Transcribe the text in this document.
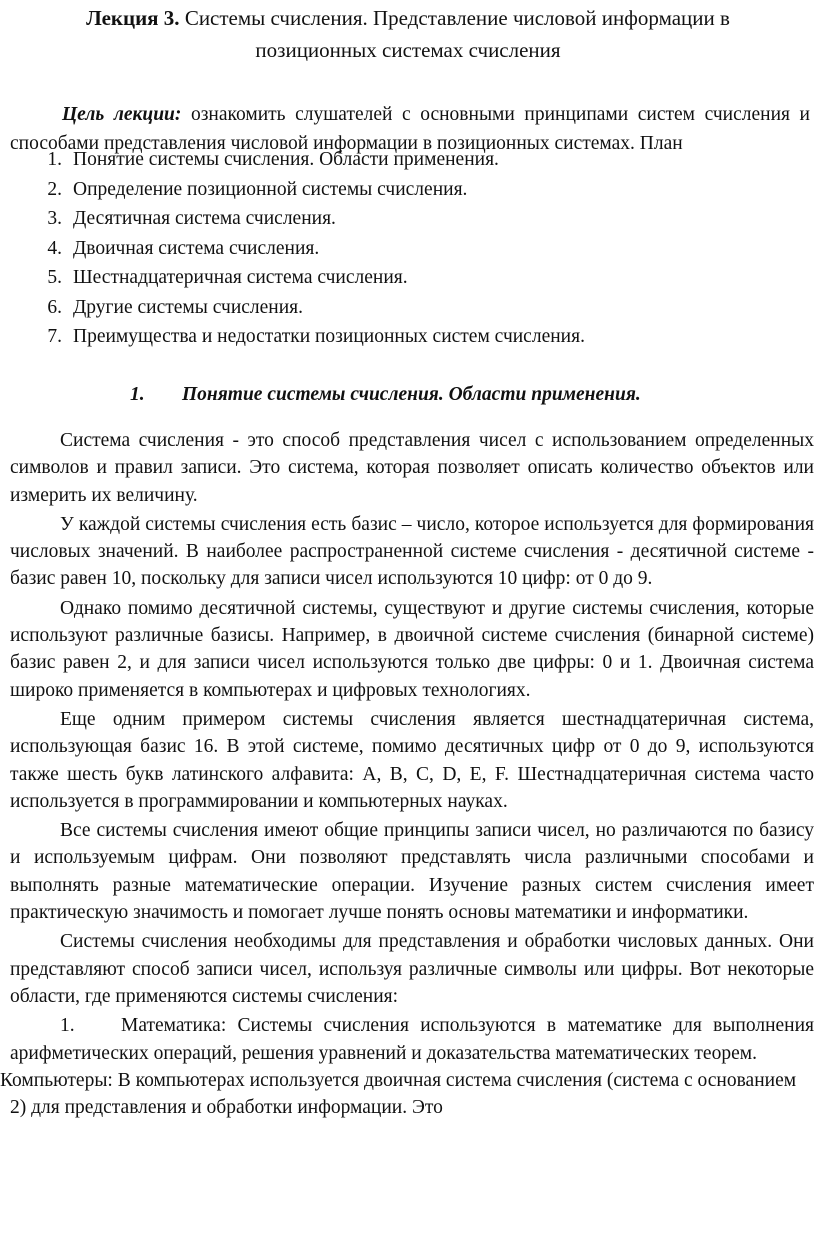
Лекция 3. Системы счисления. Представление числовой информации в
позиционных системах счисления

Цель лекции: ознакомить слушателей с основными принципами систем счисления и способами представления числовой информации в позиционных системах. План

1. Понятие системы счисления. Области применения.
2. Определение позиционной системы счисления.
3. Десятичная система счисления.
4. Двоичная система счисления.
5. Шестнадцатеричная система счисления.
6. Другие системы счисления.
7. Преимущества и недостатки позиционных систем счисления.
1. Понятие системы счисления. Области применения.

Система счисления - это способ представления чисел с использованием определенных символов и правил записи. Это система, которая позволяет описать количество объектов или измерить их величину.

У каждой системы счисления есть базис – число, которое используется для формирования числовых значений. В наиболее распространенной системе счисления - десятичной системе - базис равен 10, поскольку для записи чисел используются 10 цифр: от 0 до 9.

Однако помимо десятичной системы, существуют и другие системы счисления, которые используют различные базисы. Например, в двоичной системе счисления (бинарной системе) базис равен 2, и для записи чисел используются только две цифры: 0 и 1. Двоичная система широко применяется в компьютерах и цифровых технологиях.

Еще одним примером системы счисления является шестнадцатеричная система, использующая базис 16. В этой системе, помимо десятичных цифр от 0 до 9, используются также шесть букв латинского алфавита: A, B, C, D, E, F. Шестнадцатеричная система часто используется в программировании и компьютерных науках.

Все системы счисления имеют общие принципы записи чисел, но различаются по базису и используемым цифрам. Они позволяют представлять числа различными способами и выполнять разные математические операции. Изучение разных систем счисления имеет практическую значимость и помогает лучше понять основы математики и информатики.

Системы счисления необходимы для представления и обработки числовых данных. Они представляют способ записи чисел, используя различные символы или цифры. Вот некоторые области, где применяются системы счисления:

1. Математика: Системы счисления используются в математике для выполнения арифметических операций, решения уравнений и доказательства математических теорем.

Компьютеры: В компьютерах используется двоичная система счисления (система с основанием 2) для представления и обработки информации. Это
